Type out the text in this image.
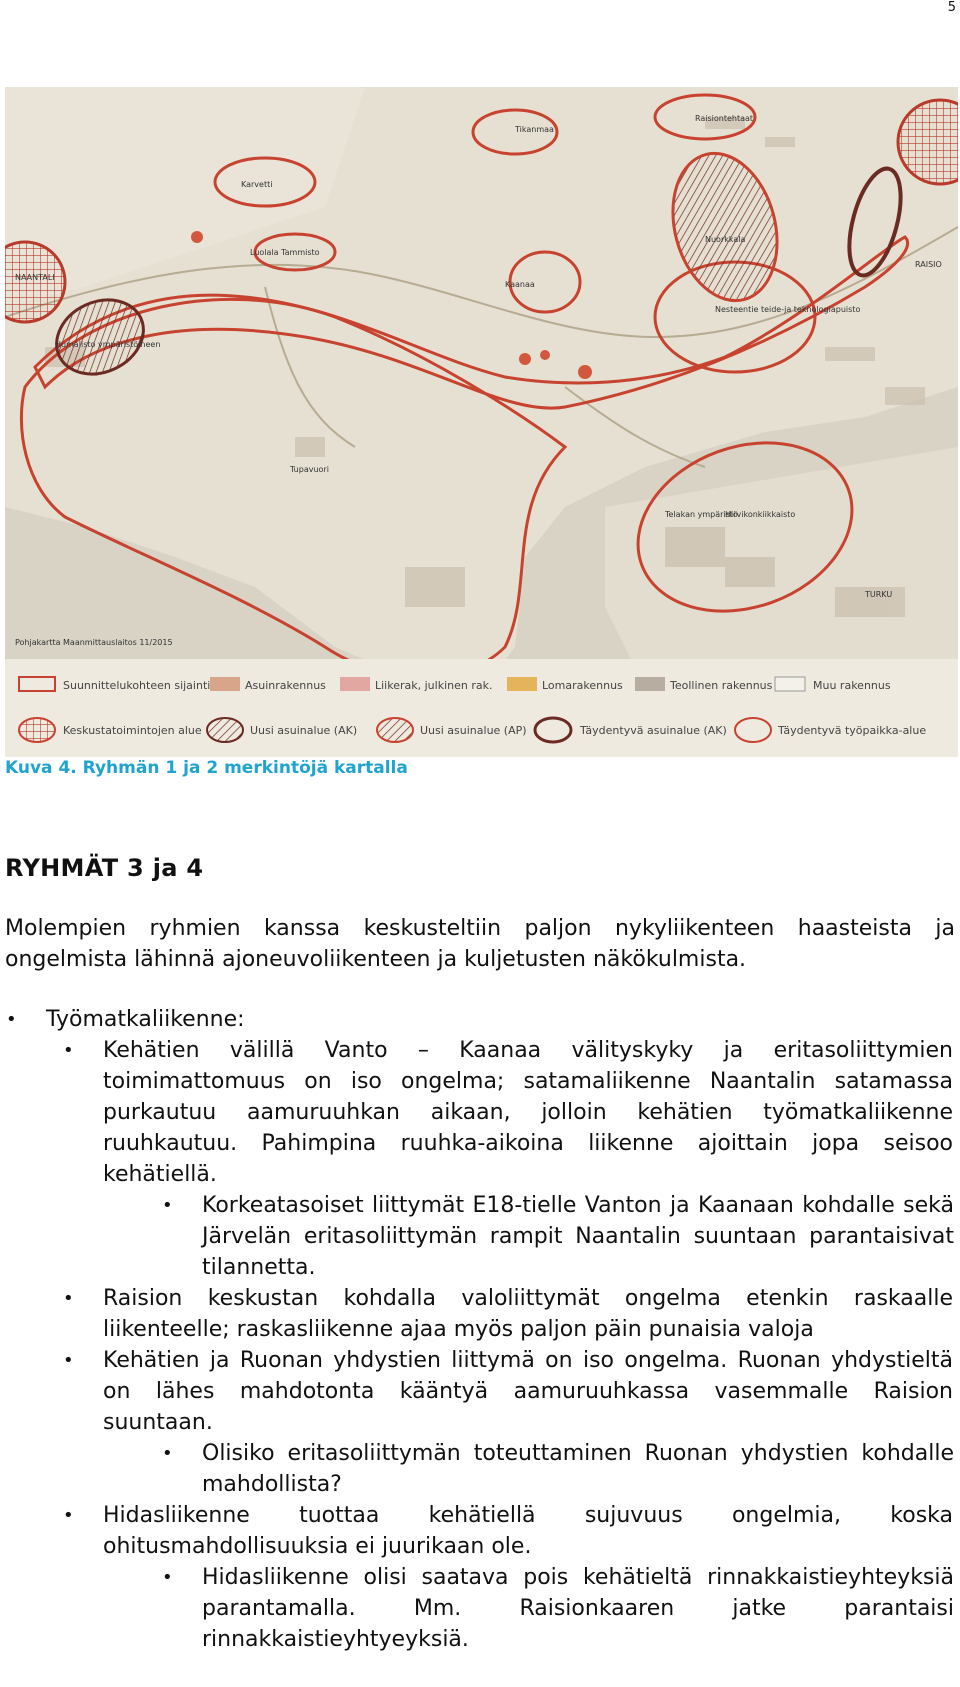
5
NAANTALI
RAISIO
TURKU
Tikanmaa
Karvetti
Luolala Tammisto
Kaanaa
Nuorkkala
Raisiontehtaat
Humalisto ympäristöineen
Nesteentie teide-ja teknologiapuisto
Tupavuori
Telakan ympäristö
Hirvikonkiikkaisto
Pohjakartta Maanmittauslaitos 11/2015
Suunnittelukohteen sijainti	Asuinrakennus	Liikerak, julkinen rak.	Lomarakennus	Teollinen rakennus	Muu rakennus
Keskustatoimintojen alue	Uusi asuinalue (AK)	Uusi asuinalue (AP)	Täydentyvä asuinalue (AK)	Täydentyvä työpaikka-alue
Kuva 4. Ryhmän 1 ja 2 merkintöjä kartalla
RYHMÄT 3 ja 4
Molempien ryhmien kanssa keskusteltiin paljon nykyliikenteen haasteista ja ongelmista lähinnä ajoneuvoliikenteen ja kuljetusten näkökulmista.
• Työmatkaliikenne:
• Kehätien välillä Vanto – Kaanaa välityskyky ja eritasoliittymien toimimattomuus on iso ongelma; satamaliikenne Naantalin satamassa purkautuu aamuruuhkan aikaan, jolloin kehätien työmatkaliikenne ruuhkautuu. Pahimpina ruuhka-aikoina liikenne ajoittain jopa seisoo kehätiellä.
• Korkeatasoiset liittymät E18-tielle Vanton ja Kaanaan kohdalle sekä Järvelän eritasoliittymän rampit Naantalin suuntaan parantaisivat tilannetta.
• Raision keskustan kohdalla valoliittymät ongelma etenkin raskaalle liikenteelle; raskasliikenne ajaa myös paljon päin punaisia valoja
• Kehätien ja Ruonan yhdystien liittymä on iso ongelma. Ruonan yhdystieltä on lähes mahdotonta kääntyä aamuruuhkassa vasemmalle Raision suuntaan.
• Olisiko eritasoliittymän toteuttaminen Ruonan yhdystien kohdalle mahdollista?
• Hidasliikenne tuottaa kehätiellä sujuvuus ongelmia, koska ohitusmahdollisuuksia ei juurikaan ole.
• Hidasliikenne olisi saatava pois kehätieltä rinnakkaistieyhteyksiä parantamalla. Mm. Raisionkaaren jatke parantaisi rinnakkaistieyhtyeyksiä.
